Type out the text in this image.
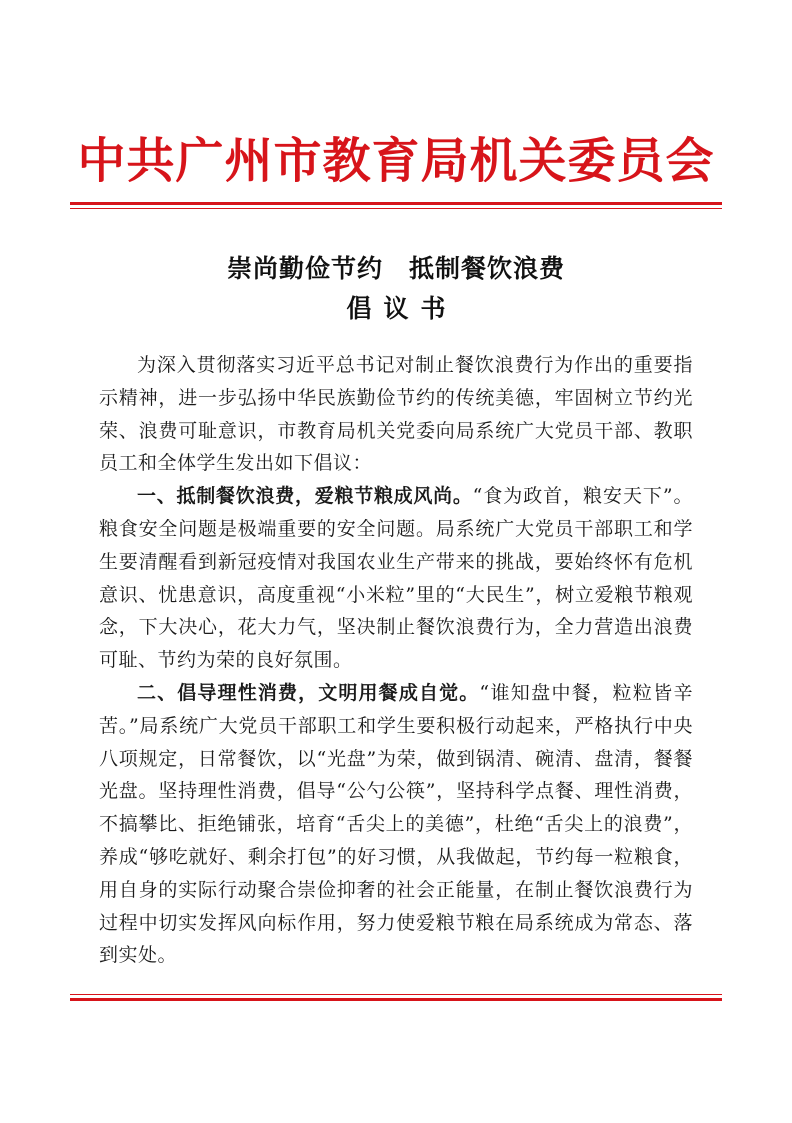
中共广州市教育局机关委员会
崇尚勤俭节约　抵制餐饮浪费
倡议书

为深入贯彻落实习近平总书记对制止餐饮浪费行为作出的重要指示精神，进一步弘扬中华民族勤俭节约的传统美德，牢固树立节约光荣、浪费可耻意识，市教育局机关党委向局系统广大党员干部、教职员工和全体学生发出如下倡议：

一、抵制餐饮浪费，爱粮节粮成风尚。“食为政首，粮安天下”。粮食安全问题是极端重要的安全问题。局系统广大党员干部职工和学生要清醒看到新冠疫情对我国农业生产带来的挑战，要始终怀有危机意识、忧患意识，高度重视“小米粒”里的“大民生”，树立爱粮节粮观念，下大决心，花大力气，坚决制止餐饮浪费行为，全力营造出浪费可耻、节约为荣的良好氛围。

二、倡导理性消费，文明用餐成自觉。“谁知盘中餐，粒粒皆辛苦。”局系统广大党员干部职工和学生要积极行动起来，严格执行中央八项规定，日常餐饮，以“光盘”为荣，做到锅清、碗清、盘清，餐餐光盘。坚持理性消费，倡导“公勺公筷”，坚持科学点餐、理性消费，不搞攀比、拒绝铺张，培育“舌尖上的美德”，杜绝“舌尖上的浪费”，养成“够吃就好、剩余打包”的好习惯，从我做起，节约每一粒粮食，用自身的实际行动聚合崇俭抑奢的社会正能量，在制止餐饮浪费行为过程中切实发挥风向标作用，努力使爱粮节粮在局系统成为常态、落到实处。
